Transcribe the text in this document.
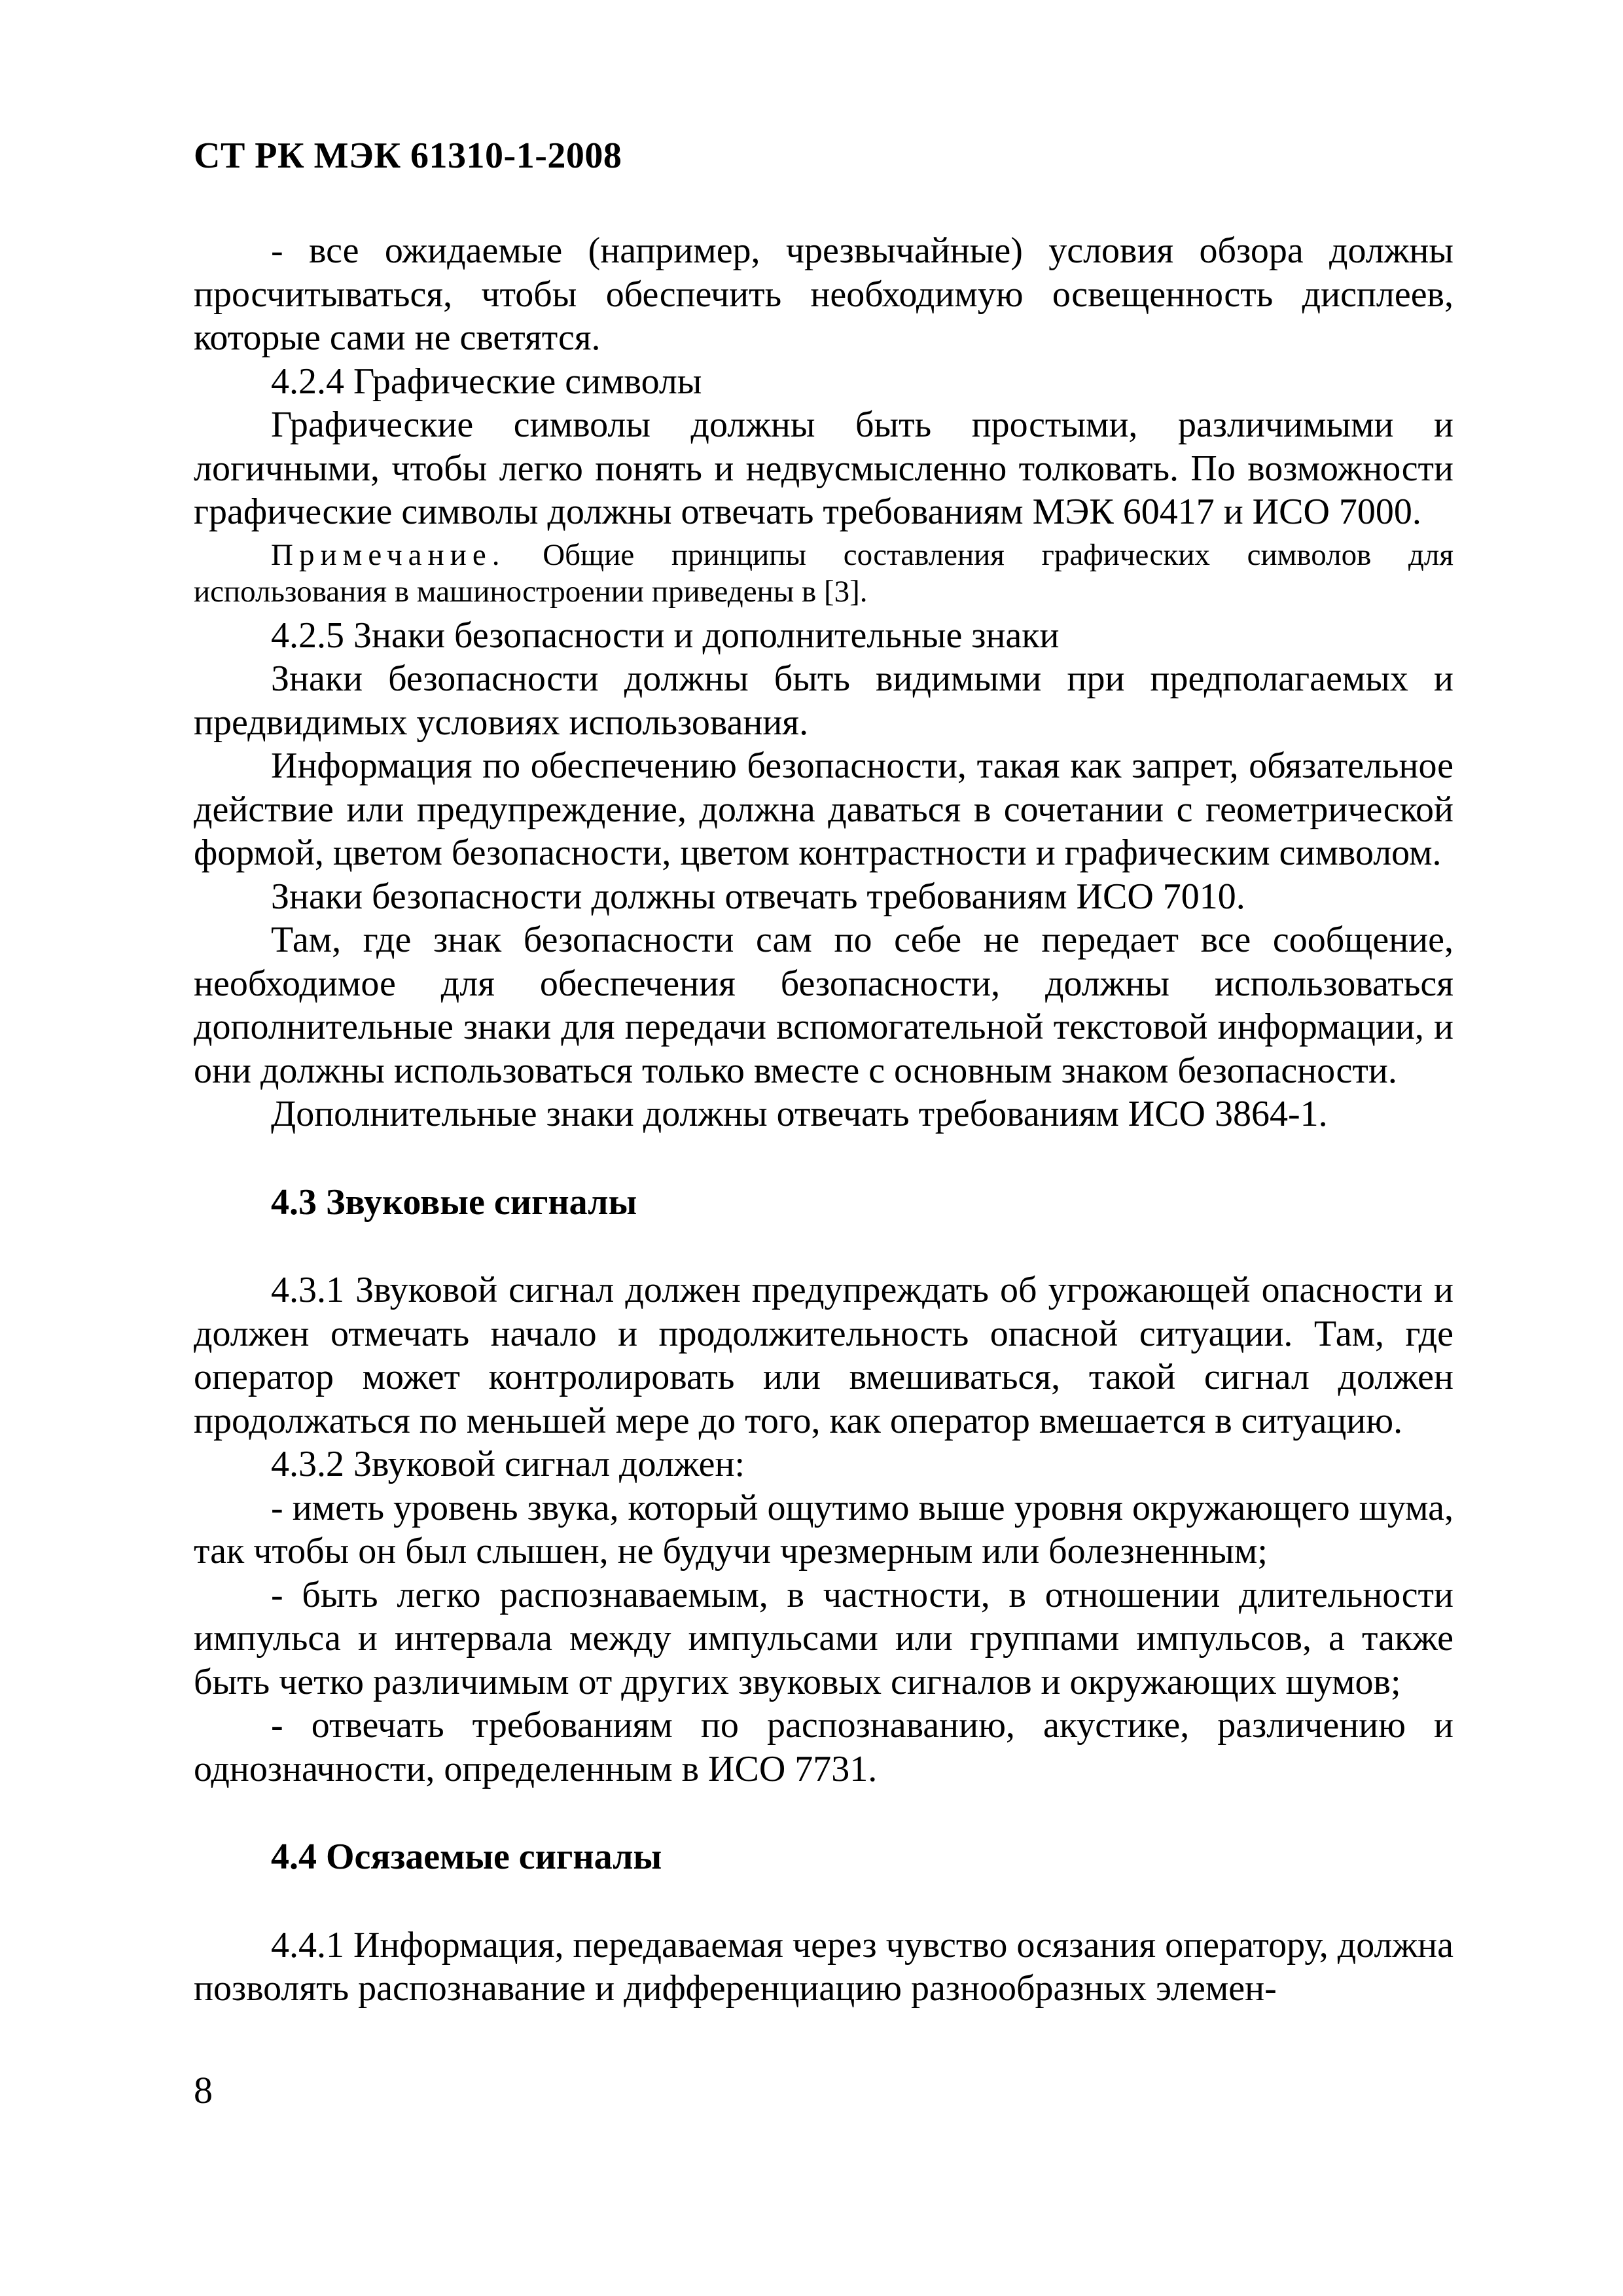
СТ РК МЭК 61310-1-2008

- все ожидаемые (например, чрезвычайные) условия обзора должны просчитываться, чтобы обеспечить необходимую освещенность дисплеев, которые сами не светятся.

4.2.4 Графические символы

Графические символы должны быть простыми, различимыми и логичными, чтобы легко понять и недвусмысленно толковать. По возможности графические символы должны отвечать требованиям МЭК 60417 и ИСО 7000.

Примечание. Общие принципы составления графических символов для использования в машиностроении приведены в [3].

4.2.5 Знаки безопасности и дополнительные знаки

Знаки безопасности должны быть видимыми при предполагаемых и предвидимых условиях использования.

Информация по обеспечению безопасности, такая как запрет, обязательное действие или предупреждение, должна даваться в сочетании с геометрической формой, цветом безопасности, цветом контрастности и графическим символом.

Знаки безопасности должны отвечать требованиям ИСО 7010.

Там, где знак безопасности сам по себе не передает все сообщение, необходимое для обеспечения безопасности, должны использоваться дополнительные знаки для передачи вспомогательной текстовой информации, и они должны использоваться только вместе с основным знаком безопасности.

Дополнительные знаки должны отвечать требованиям ИСО 3864-1.

4.3 Звуковые сигналы

4.3.1 Звуковой сигнал должен предупреждать об угрожающей опасности и должен отмечать начало и продолжительность опасной ситуации. Там, где оператор может контролировать или вмешиваться, такой сигнал должен продолжаться по меньшей мере до того, как оператор вмешается в ситуацию.

4.3.2 Звуковой сигнал должен:

- иметь уровень звука, который ощутимо выше уровня окружающего шума, так чтобы он был слышен, не будучи чрезмерным или болезненным;

- быть легко распознаваемым, в частности, в отношении длительности импульса и интервала между импульсами или группами импульсов, а также быть четко различимым от других звуковых сигналов и окружающих шумов;

- отвечать требованиям по распознаванию, акустике, различению и однозначности, определенным в ИСО 7731.

4.4 Осязаемые сигналы

4.4.1 Информация, передаваемая через чувство осязания оператору, должна позволять распознавание и дифференциацию разнообразных элемен-

8
